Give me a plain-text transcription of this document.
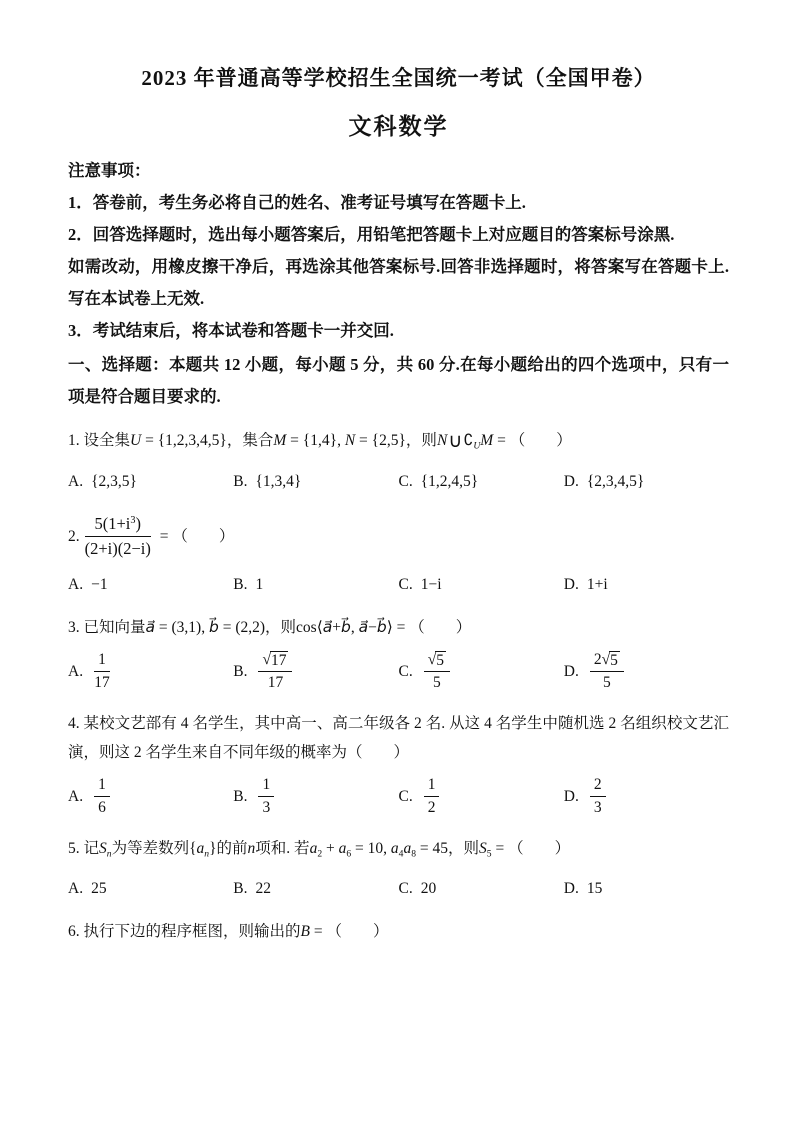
2023 年普通高等学校招生全国统一考试（全国甲卷）
文科数学

注意事项：

1．答卷前，考生务必将自己的姓名、准考证号填写在答题卡上.

2．回答选择题时，选出每小题答案后，用铅笔把答题卡上对应题目的答案标号涂黑.

如需改动，用橡皮擦干净后，再选涂其他答案标号.回答非选择题时，将答案写在答题卡上.写在本试卷上无效.

3．考试结束后，将本试卷和答题卡一并交回.

一、选择题：本题共 12 小题，每小题 5 分，共 60 分.在每小题给出的四个选项中，只有一项是符合题目要求的.

1. 设全集U = {1,2,3,4,5}，集合M = {1,4}, N = {2,5}，则$N\cup∁_UM$ = （　　）

A. {2,3,5}	B. {1,3,4}	C. {1,2,4,5}	D. {2,3,4,5}

2. $\frac{5(1+i^3)}{(2+i)(2-i)}$ = （　　）

A. −1	B. 1	C. 1−i	D. 1+i

3. 已知向量a⃗ = (3,1), b⃗ = (2,2)，则cos⟨a⃗+b⃗, a⃗−b⃗⟩ = （　　）

A. $\frac{1}{17}$	B. $\frac{√ 17}{17}$	C. $\frac{√ 5}{5}$	D. $\frac{2 √ 5}{5}$

4. 某校文艺部有 4 名学生，其中高一、高二年级各 2 名. 从这 4 名学生中随机选 2 名组织校文艺汇演，则这 2 名学生来自不同年级的概率为（　　）

A. $\frac{1}{6}$	B. $\frac{1}{3}$	C. $\frac{1}{2}$	D. $\frac{2}{3}$

5. 记$S_n$为等差数列$\{a_n\}$的前n项和. 若$a_2 + a_6 = 10$, $a_4a_8 = 45$，则$S_5$ = （　　）

A. 25	B. 22	C. 20	D. 15

6. 执行下边的程序框图，则输出的B = （　　）
